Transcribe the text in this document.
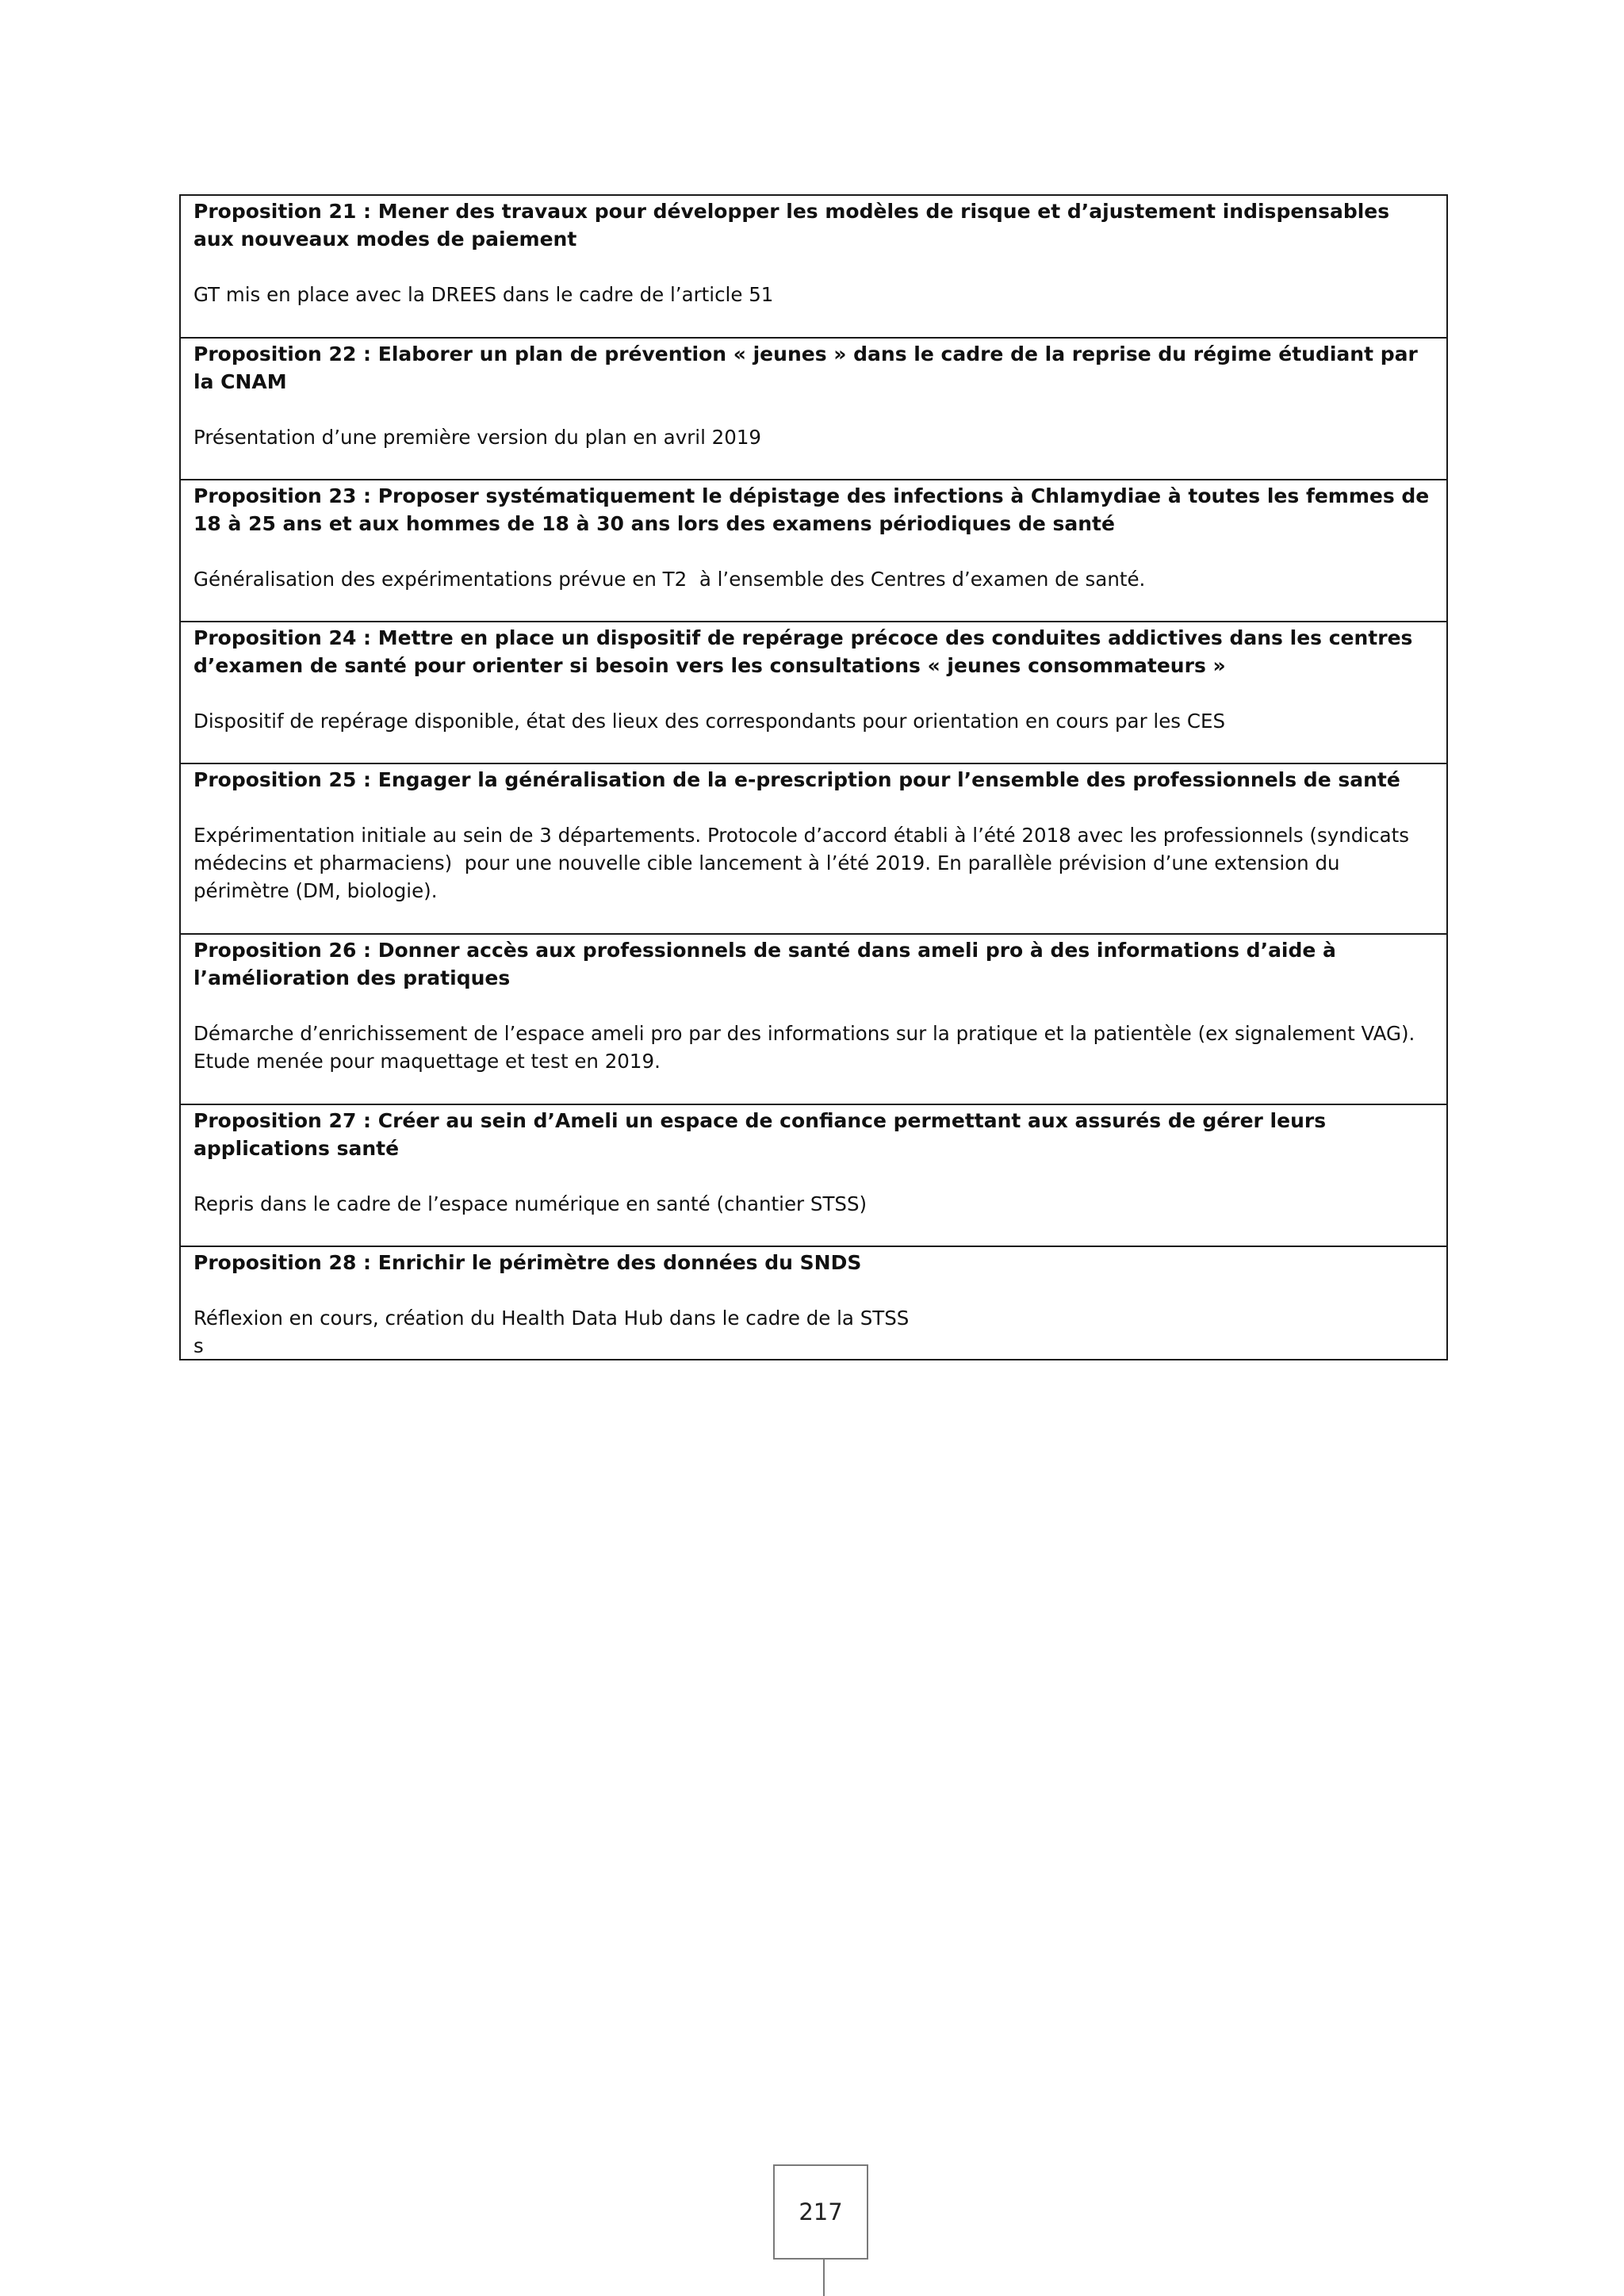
Proposition 21 : Mener des travaux pour développer les modèles de risque et d’ajustement indispensables aux nouveaux modes de paiement

GT mis en place avec la DREES dans le cadre de l’article 51

Proposition 22 : Elaborer un plan de prévention « jeunes » dans le cadre de la reprise du régime étudiant par la CNAM

Présentation d’une première version du plan en avril 2019

Proposition 23 : Proposer systématiquement le dépistage des infections à Chlamydiae à toutes les femmes de 18 à 25 ans et aux hommes de 18 à 30 ans lors des examens périodiques de santé

Généralisation des expérimentations prévue en T2  à l’ensemble des Centres d’examen de santé.

Proposition 24 : Mettre en place un dispositif de repérage précoce des conduites addictives dans les centres d’examen de santé pour orienter si besoin vers les consultations « jeunes consommateurs »

Dispositif de repérage disponible, état des lieux des correspondants pour orientation en cours par les CES

Proposition 25 : Engager la généralisation de la e-prescription pour l’ensemble des professionnels de santé

Expérimentation initiale au sein de 3 départements. Protocole d’accord établi à l’été 2018 avec les professionnels (syndicats médecins et pharmaciens)  pour une nouvelle cible lancement à l’été 2019. En parallèle prévision d’une extension du périmètre (DM, biologie).

Proposition 26 : Donner accès aux professionnels de santé dans ameli pro à des informations d’aide à l’amélioration des pratiques

Démarche d’enrichissement de l’espace ameli pro par des informations sur la pratique et la patientèle (ex signalement VAG). Etude menée pour maquettage et test en 2019.

Proposition 27 : Créer au sein d’Ameli un espace de confiance permettant aux assurés de gérer leurs applications santé

Repris dans le cadre de l’espace numérique en santé (chantier STSS)

Proposition 28 : Enrichir le périmètre des données du SNDS

Réflexion en cours, création du Health Data Hub dans le cadre de la STSS
s

217
